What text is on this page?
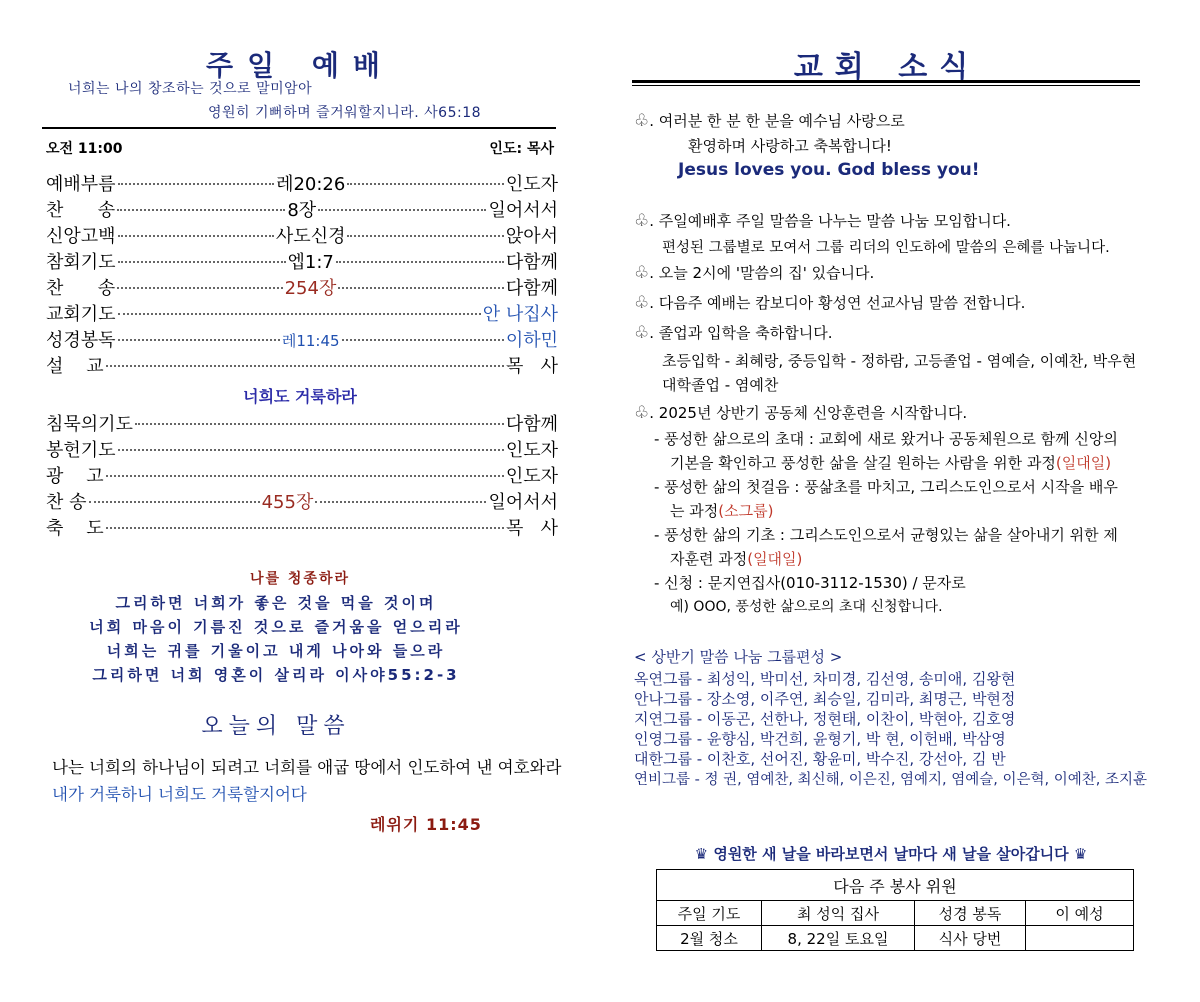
주일 예배
너희는 나의 창조하는 것으로 말미암아
영원히 기뻐하며 즐거워할지니라. 사65:18
오전 11:00	인도: 목사
예배부름	레20:26	인도자
찬      송	8장	일어서서
신앙고백	사도신경	앉아서
참회기도	엡1:7	다함께
찬      송	254장	다함께
교회기도	안 나집사
성경봉독	레11:45	이하민
설    교	목   사
너희도 거룩하라
침묵의기도	다함께
봉헌기도	인도자
광    고	인도자
찬 송	455장	일어서서
축    도	목   사
나를 청종하라
그리하면 너희가 좋은 것을 먹을 것이며
너희 마음이 기름진 것으로 즐거움을 얻으리라
너희는 귀를 기울이고 내게 나아와 들으라
그리하면 너희 영혼이 살리라 이사야55:2-3
오늘의 말씀
나는 너희의 하나님이 되려고 너희를 애굽 땅에서 인도하여 낸 여호와라
내가 거룩하니 너희도 거룩할지어다
레위기 11:45
교회 소식
♧. 여러분 한 분 한 분을 예수님 사랑으로
환영하며 사랑하고 축복합니다!
Jesus loves you. God bless you!
♧. 주일예배후 주일 말씀을 나누는 말씀 나눔 모임합니다.
편성된 그룹별로 모여서 그룹 리더의 인도하에 말씀의 은혜를 나눕니다.
♧. 오늘 2시에 '말씀의 집' 있습니다.
♧. 다음주 예배는 캄보디아 황성연 선교사님 말씀 전합니다.
♧. 졸업과 입학을 축하합니다.
초등입학 - 최혜랑, 중등입학 - 정하람, 고등졸업 - 염예슬, 이예찬, 박우현
대학졸업 - 염예찬
♧. 2025년 상반기 공동체 신앙훈련을 시작합니다.
- 풍성한 삶으로의 초대 : 교회에 새로 왔거나 공동체원으로 함께 신앙의
기본을 확인하고 풍성한 삶을 살길 원하는 사람을 위한 과정(일대일)
- 풍성한 삶의 첫걸음 : 풍삶초를 마치고, 그리스도인으로서 시작을 배우
는 과정(소그룹)
- 풍성한 삶의 기초 : 그리스도인으로서 균형있는 삶을 살아내기 위한 제
자훈련 과정(일대일)
- 신청 : 문지연집사(010-3112-1530) / 문자로
예) OOO, 풍성한 삶으로의 초대 신청합니다.
< 상반기 말씀 나눔 그룹편성 >
옥연그룹 - 최성익, 박미선, 차미경, 김선영, 송미애, 김왕현
안나그룹 - 장소영, 이주연, 최승일, 김미라, 최명근, 박현정
지연그룹 - 이동곤, 선한나, 정현태, 이찬이, 박현아, 김호영
인영그룹 - 윤향심, 박건희, 윤형기, 박 현, 이헌배, 박삼영
대한그룹 - 이찬호, 선어진, 황윤미, 박수진, 강선아, 김 반
연비그룹 - 정 권, 염예찬, 최신해, 이은진, 염예지, 염예슬, 이은혁, 이예찬, 조지훈
♛ 영원한 새 날을 바라보면서 날마다 새 날을 살아갑니다 ♛
다음 주 봉사 위원			
주일 기도	최 성익 집사	성경 봉독	이 예성
2월 청소	8, 22일 토요일	식사 당번	
